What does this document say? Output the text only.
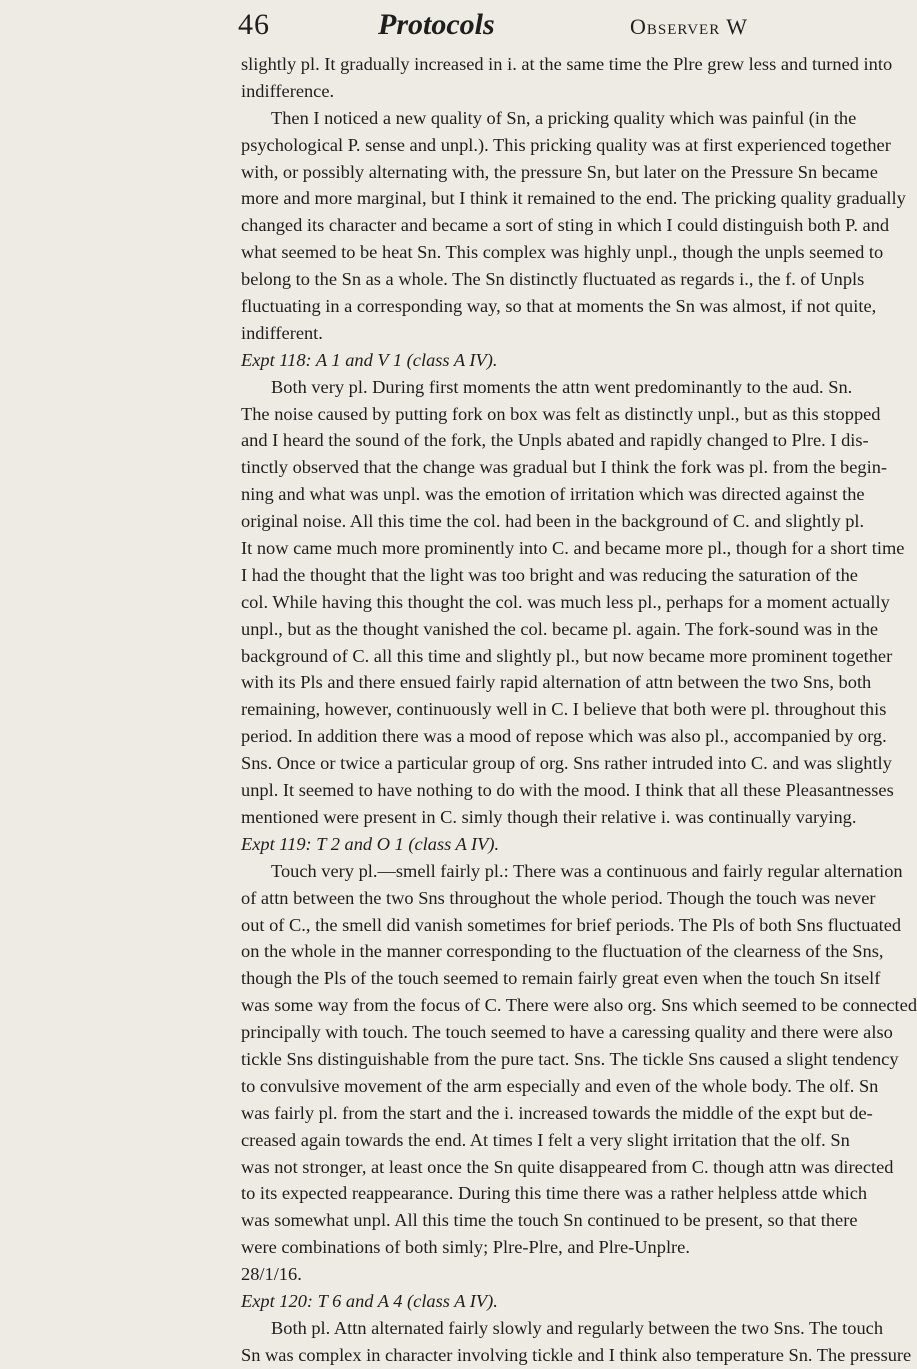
46	Protocols	Observer W
slightly pl. It gradually increased in i. at the same time the Plre grew less and turned into
indifference.
Then I noticed a new quality of Sn, a pricking quality which was painful (in the
psychological P. sense and unpl.). This pricking quality was at first experienced together
with, or possibly alternating with, the pressure Sn, but later on the Pressure Sn became
more and more marginal, but I think it remained to the end. The pricking quality gradually
changed its character and became a sort of sting in which I could distinguish both P. and
what seemed to be heat Sn. This complex was highly unpl., though the unpls seemed to
belong to the Sn as a whole. The Sn distinctly fluctuated as regards i., the f. of Unpls
fluctuating in a corresponding way, so that at moments the Sn was almost, if not quite,
indifferent.
Expt 118: A 1 and V 1 (class A IV).
Both very pl. During first moments the attn went predominantly to the aud. Sn.
The noise caused by putting fork on box was felt as distinctly unpl., but as this stopped
and I heard the sound of the fork, the Unpls abated and rapidly changed to Plre. I dis-
tinctly observed that the change was gradual but I think the fork was pl. from the begin-
ning and what was unpl. was the emotion of irritation which was directed against the
original noise. All this time the col. had been in the background of C. and slightly pl.
It now came much more prominently into C. and became more pl., though for a short time
I had the thought that the light was too bright and was reducing the saturation of the
col. While having this thought the col. was much less pl., perhaps for a moment actually
unpl., but as the thought vanished the col. became pl. again. The fork-sound was in the
background of C. all this time and slightly pl., but now became more prominent together
with its Pls and there ensued fairly rapid alternation of attn between the two Sns, both
remaining, however, continuously well in C. I believe that both were pl. throughout this
period. In addition there was a mood of repose which was also pl., accompanied by org.
Sns. Once or twice a particular group of org. Sns rather intruded into C. and was slightly
unpl. It seemed to have nothing to do with the mood. I think that all these Pleasantnesses
mentioned were present in C. simly though their relative i. was continually varying.
Expt 119: T 2 and O 1 (class A IV).
Touch very pl.—smell fairly pl.: There was a continuous and fairly regular alternation
of attn between the two Sns throughout the whole period. Though the touch was never
out of C., the smell did vanish sometimes for brief periods. The Pls of both Sns fluctuated
on the whole in the manner corresponding to the fluctuation of the clearness of the Sns,
though the Pls of the touch seemed to remain fairly great even when the touch Sn itself
was some way from the focus of C. There were also org. Sns which seemed to be connected
principally with touch. The touch seemed to have a caressing quality and there were also
tickle Sns distinguishable from the pure tact. Sns. The tickle Sns caused a slight tendency
to convulsive movement of the arm especially and even of the whole body. The olf. Sn
was fairly pl. from the start and the i. increased towards the middle of the expt but de-
creased again towards the end. At times I felt a very slight irritation that the olf. Sn
was not stronger, at least once the Sn quite disappeared from C. though attn was directed
to its expected reappearance. During this time there was a rather helpless attde which
was somewhat unpl. All this time the touch Sn continued to be present, so that there
were combinations of both simly; Plre-Plre, and Plre-Unplre.
28/1/16.
Expt 120: T 6 and A 4 (class A IV).
Both pl. Attn alternated fairly slowly and regularly between the two Sns. The touch
Sn was complex in character involving tickle and I think also temperature Sn. The pressure
